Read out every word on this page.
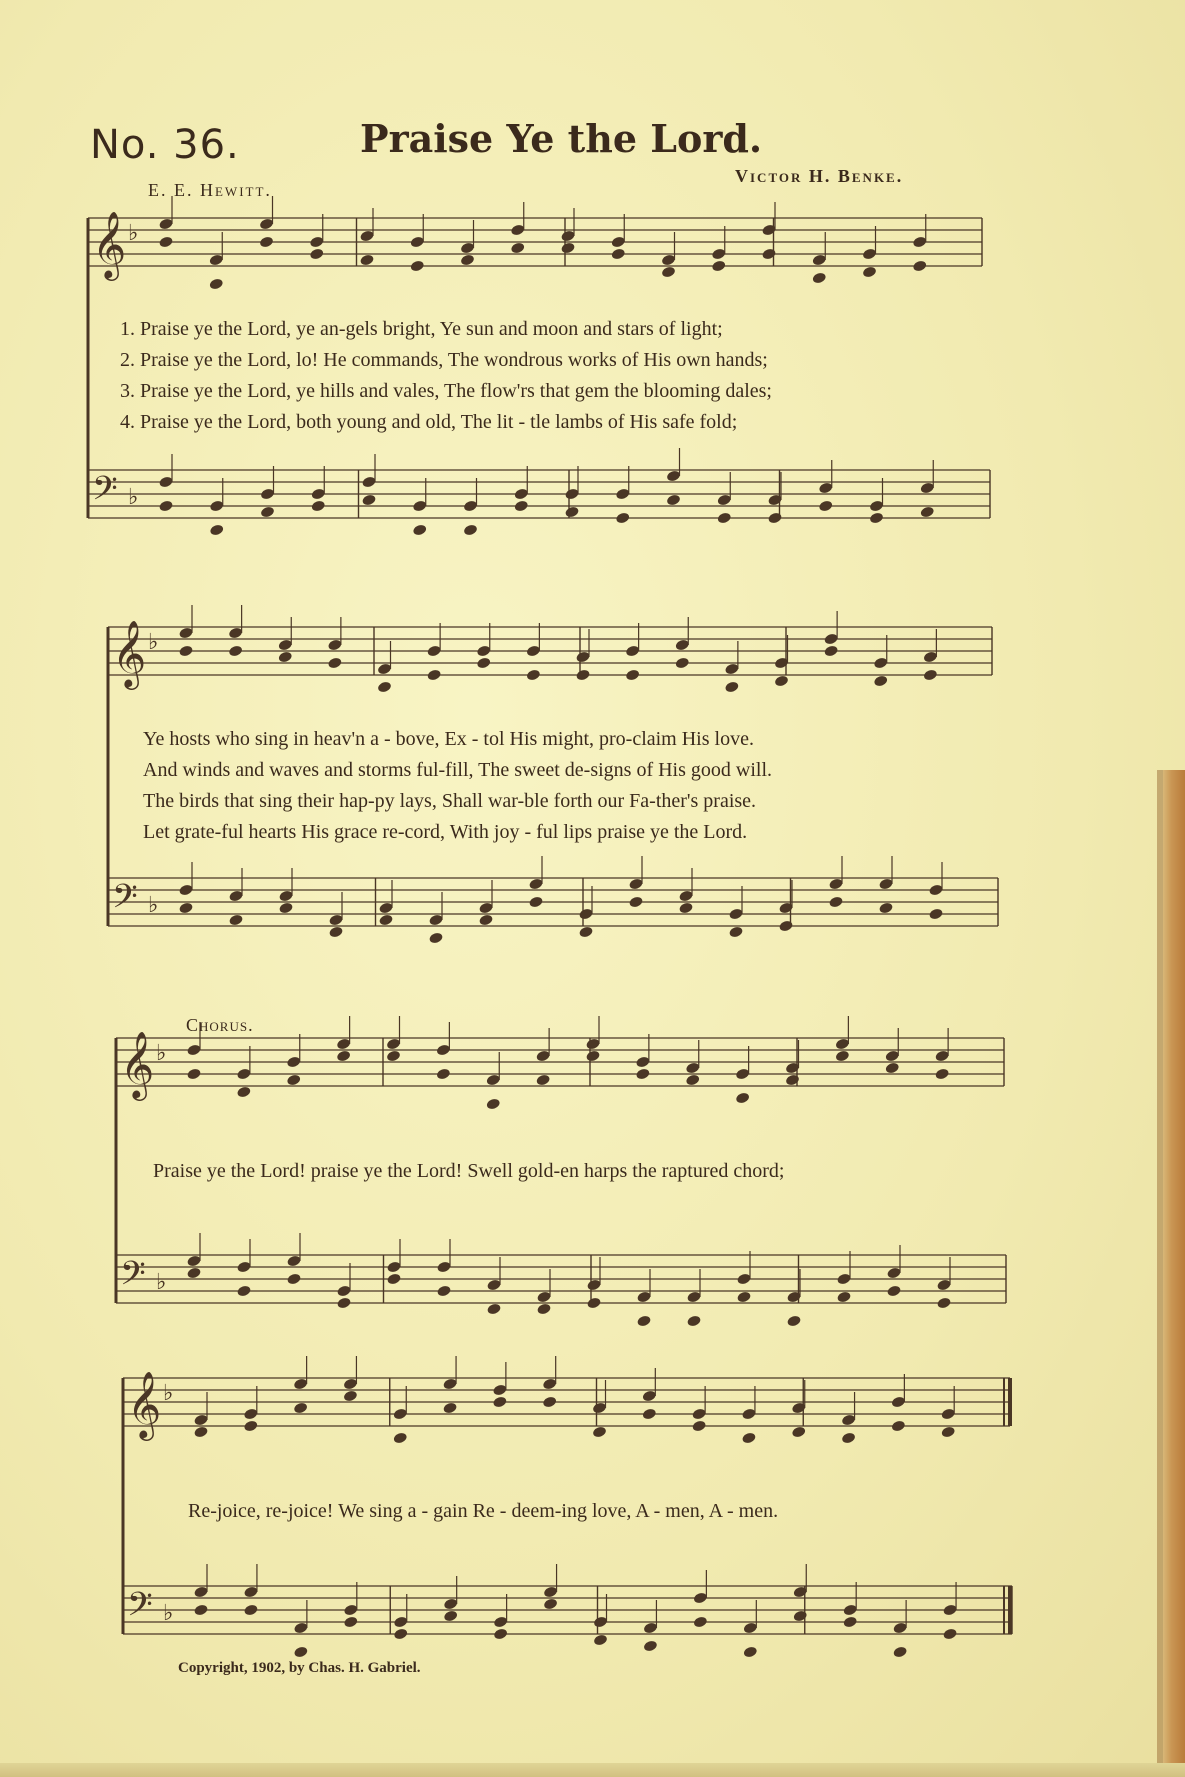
𝄞 ♭
𝄢 ♭
𝄞 ♭
𝄢 ♭
𝄞 ♭
𝄢 ♭
𝄞 ♭
𝄢 ♭
No. 36.	Praise Ye the Lord.
E. E. Hewitt.
Victor H. Benke.
1. Praise ye the Lord, ye an-gels bright, Ye sun and moon and stars of light;
2. Praise ye the Lord, lo! He commands, The wondrous works of His own hands;
3. Praise ye the Lord, ye hills and vales, The flow'rs that gem the blooming dales;
4. Praise ye the Lord, both young and old, The lit - tle lambs of His safe fold;
Ye hosts who sing in heav'n a - bove, Ex - tol His might, pro-claim His love.
And winds and waves and storms ful-fill, The sweet de-signs of His good will.
The birds that sing their hap-py lays, Shall war-ble forth our Fa-ther's praise.
Let grate-ful hearts His grace re-cord, With joy - ful lips praise ye the Lord.
Chorus.
Praise ye the Lord! praise ye the Lord! Swell gold-en harps the raptured chord;
Re-joice, re-joice! We sing a - gain Re - deem-ing love, A - men, A - men.
Copyright, 1902, by Chas. H. Gabriel.
